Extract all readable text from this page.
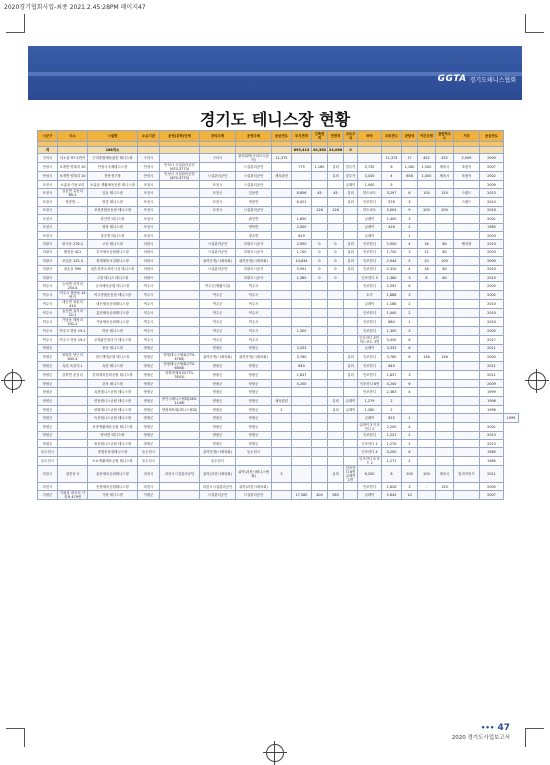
2020경기협회사업-최종 2021.2.45:28PM 페이지47
GGTA 경기도테니스협회
경기도 테니스장 현황
시군구	주소	시설명	소유기관	운영(위탁)단체	관리주체	운영주체	준공연도	부지면적	건축면적	연면적	코트구성	바닥	코트면수	관람석	야간조명	클럽하우스	기타	준공연도	

계		188개소						893,413	40,362	24,066	0								
구리시	사노동 97-1번지	구리종합체육관운 테니스장	구리시		구리시	관리위탁(구리도시공사)	11,373						11,373	17	452	452	2,009	2009	
안성시	보개면 양복리 20	안성시국제테니스장	안성시	안성시 시설관리공단(670-3773)		시설관리공단		775	1,160	실외	앙투카	5,730	8	1,160	1,500	체육시	조합식	2007	
안성시	보개면 양복리 20	전용정구장	안성시	안성시 시설관리공단(670-3773)	시설관리공단	시설관리공단	체육관련			실외	앙투카	3,430	4	658	1,000	체육시	조합식	2002	
포천시	소흘읍 이동교리	소흘읍 생활체육공원 테니스장	포천시		포천시	시설관리공단					클레이	1,040	5					2009	
포천시	일동면 유동리 89-1	일동 테니스장	포천시		포천시	일동면		8,856	45	45	실외	하드코트	3,297	6	100	150	스탠드	2013	
포천시	영중면 ...	영중 테니스장	포천시		포천시	영중면		6,421			실외	인조잔디	576	3			스탠드	2014	
포천시		포천종합운동장 테니스장	포천시		포천시	시설관리공단			126	126		하드코트	5,004	9	200	200		2016	
포천시		관인면 테니스장	포천시			관인면		1,600				클레이	1,400	3				2001	
포천시		영북 테니스장	포천시			영북면		2,500				클레이	416	2				1985	
포천시		창수면 테니스장	포천시			창수면		629				클레이		1				2003	
의왕시	왕곡동 276-2	고천 테니스장	의왕시		시설관리공단	의왕도시공사		2,950	0	0	실외	인조잔디	2,950	4	16	80	벤치형	2010	
의왕시	월암동 421	부곡체육공원테니스장	의왕시		시설관리공단	의왕도시공사		1,740	0	0	실외	인조잔디	1,740	3	12	60		2003	
의왕시	포일동 125-3	청계체육시설테니스장	의왕시		위탁운영(시체육회)	위탁운영(시체육회)		14,634	0	0	실외	인조잔디	2,944	5	20	100		2009	
의왕시	내손동 590	내손천하수처리시설 테니스장	의왕시		시설관리공단	의왕도시공사		5,591	0	0	실외	인조잔디	2,310	4	18	80		2010	
의왕시		고천 테니스 테니스장	의왕시			의왕도시공사		1,360	0	0		인조잔디 3	1,360	3	8	60		2015	
여주시	능서면 신지리 254-4	능서체육공원 테니스장	여주시		여주군(생활시설)	여주시						인조잔디	2,592	6				2005	
여주시	여주시 월송동 14번지	여주종합운동장 테니스장	여주시		여주군	여주시						토사	1,888	3				2002	
여주시	대신면 율촌리 414	대신체육공원테니스장	여주시		여주군	여주시						클레이	1,188	2				2010	
여주시	흥천면 효지리 22-1	흥천체육공원테니스장	여주시		여주군	여주시						인조잔디	1,440	2				2010	
여주시	가남읍 태평리 532-2	가남체육공원테니스장	여주시		여주군	여주시						인조잔디	684	1				2010	
여주시	여주시 하동 19-1	하동 테니스장	여주시		여주군	여주시		1,300				인조잔디	1,300	3				2005	
여주시	여주시 하동 19-1	오학맑은물다기 테니스장	여주시		여주군	여주시						인조잔디 3면, 하드코트 3면	4,430	6				2017	
양평군		용문 테니스장	양평군		양평군	양평군		3,333				클레이	3,333	6				2011	
양평군	양평읍 양근리 645-4	양근생태공원 테니스장	양평군	양평테니스협회(770-4764)	위탁운영(시체육회)	위탁운영(시체육회)		3,780			실외	인조잔디	3,780	6	156	156		2004	
양평군	옥천 옥천리 1	옥천 테니스장	양평군	양평테니스협회(770-6504)	양평군	양평군		640			실외	인조잔디	640					2011	
양평군	강하면 운심리	강하체육문화공원 테니스장	양평군	강하면체육회(770-3503)	양평군	양평군		1,837			실외	인조잔디	1,837	3				2011	
양평군		강상 테니스장	양평군		양평군	양평군		4,200				인조잔디 6면	4,200	6				2009	
양평군		옥천테니스공원 테니스장	양평군		양평군	양평군						인조잔디	2,363	4				1999	
양평군		양동테니스공원 테니스장	양평군	용인시테니스협회(265-1149)	양평군	양평군	체육관련			실외	클레이	1,279	2					1996	
양평군		양평테니스공원 테니스장	양평군	양평체육회(테니스협회)	양평군	양평군	2			실외	클레이	1,280	2					1996	
양평군		독산테니스공원 테니스장	양평군		양평군	양평군						클레이	825	1					1999
양평군		서종생활체육공원 테니스장	양평군		양평군	양평군						클레이 3 인조잔디 2	2,200	4				2001	
양평군		양서면 테니스장	양평군		양평군	양평군						인조잔디	1,221	2				2013	
양평군		용문테니스공원 테니스장	양평군		양평군	양평군						인조잔디 2	1,270	2				2013	
동두천시		종합운동장테니스장	동두천시		위탁운영(시체육회)	동두천시						인조잔디 4	4,200	6				1985	
동두천시		소요생활체육공원 테니스장	동두천시		동두천시							인조잔디 6 하드 2	1,271	2				1985	
과천시	관문동 3	관문체육공원테니스장	과천시	과천시시설관리공단	위탁(과천시체육회)	위탁(과천시테니스협회)	3			실외	인조잔디 8면 클레이 1면	6,200	8	200	200	체육시	칼라자동식	2011	
과천시		문원체육공원테니스장	과천시		과천시시설관리공단	위탁(과천시체육회)						인조잔디	1,626	3	-	150		2005	
가평군	가평읍 대곡리 가정 8 470번	가평 테니스장	가평군		시설관리공단	시설관리공단		17,580	404	580		클레이	5,644	10				2007	
••• 47
2020 경기도사업보고서
